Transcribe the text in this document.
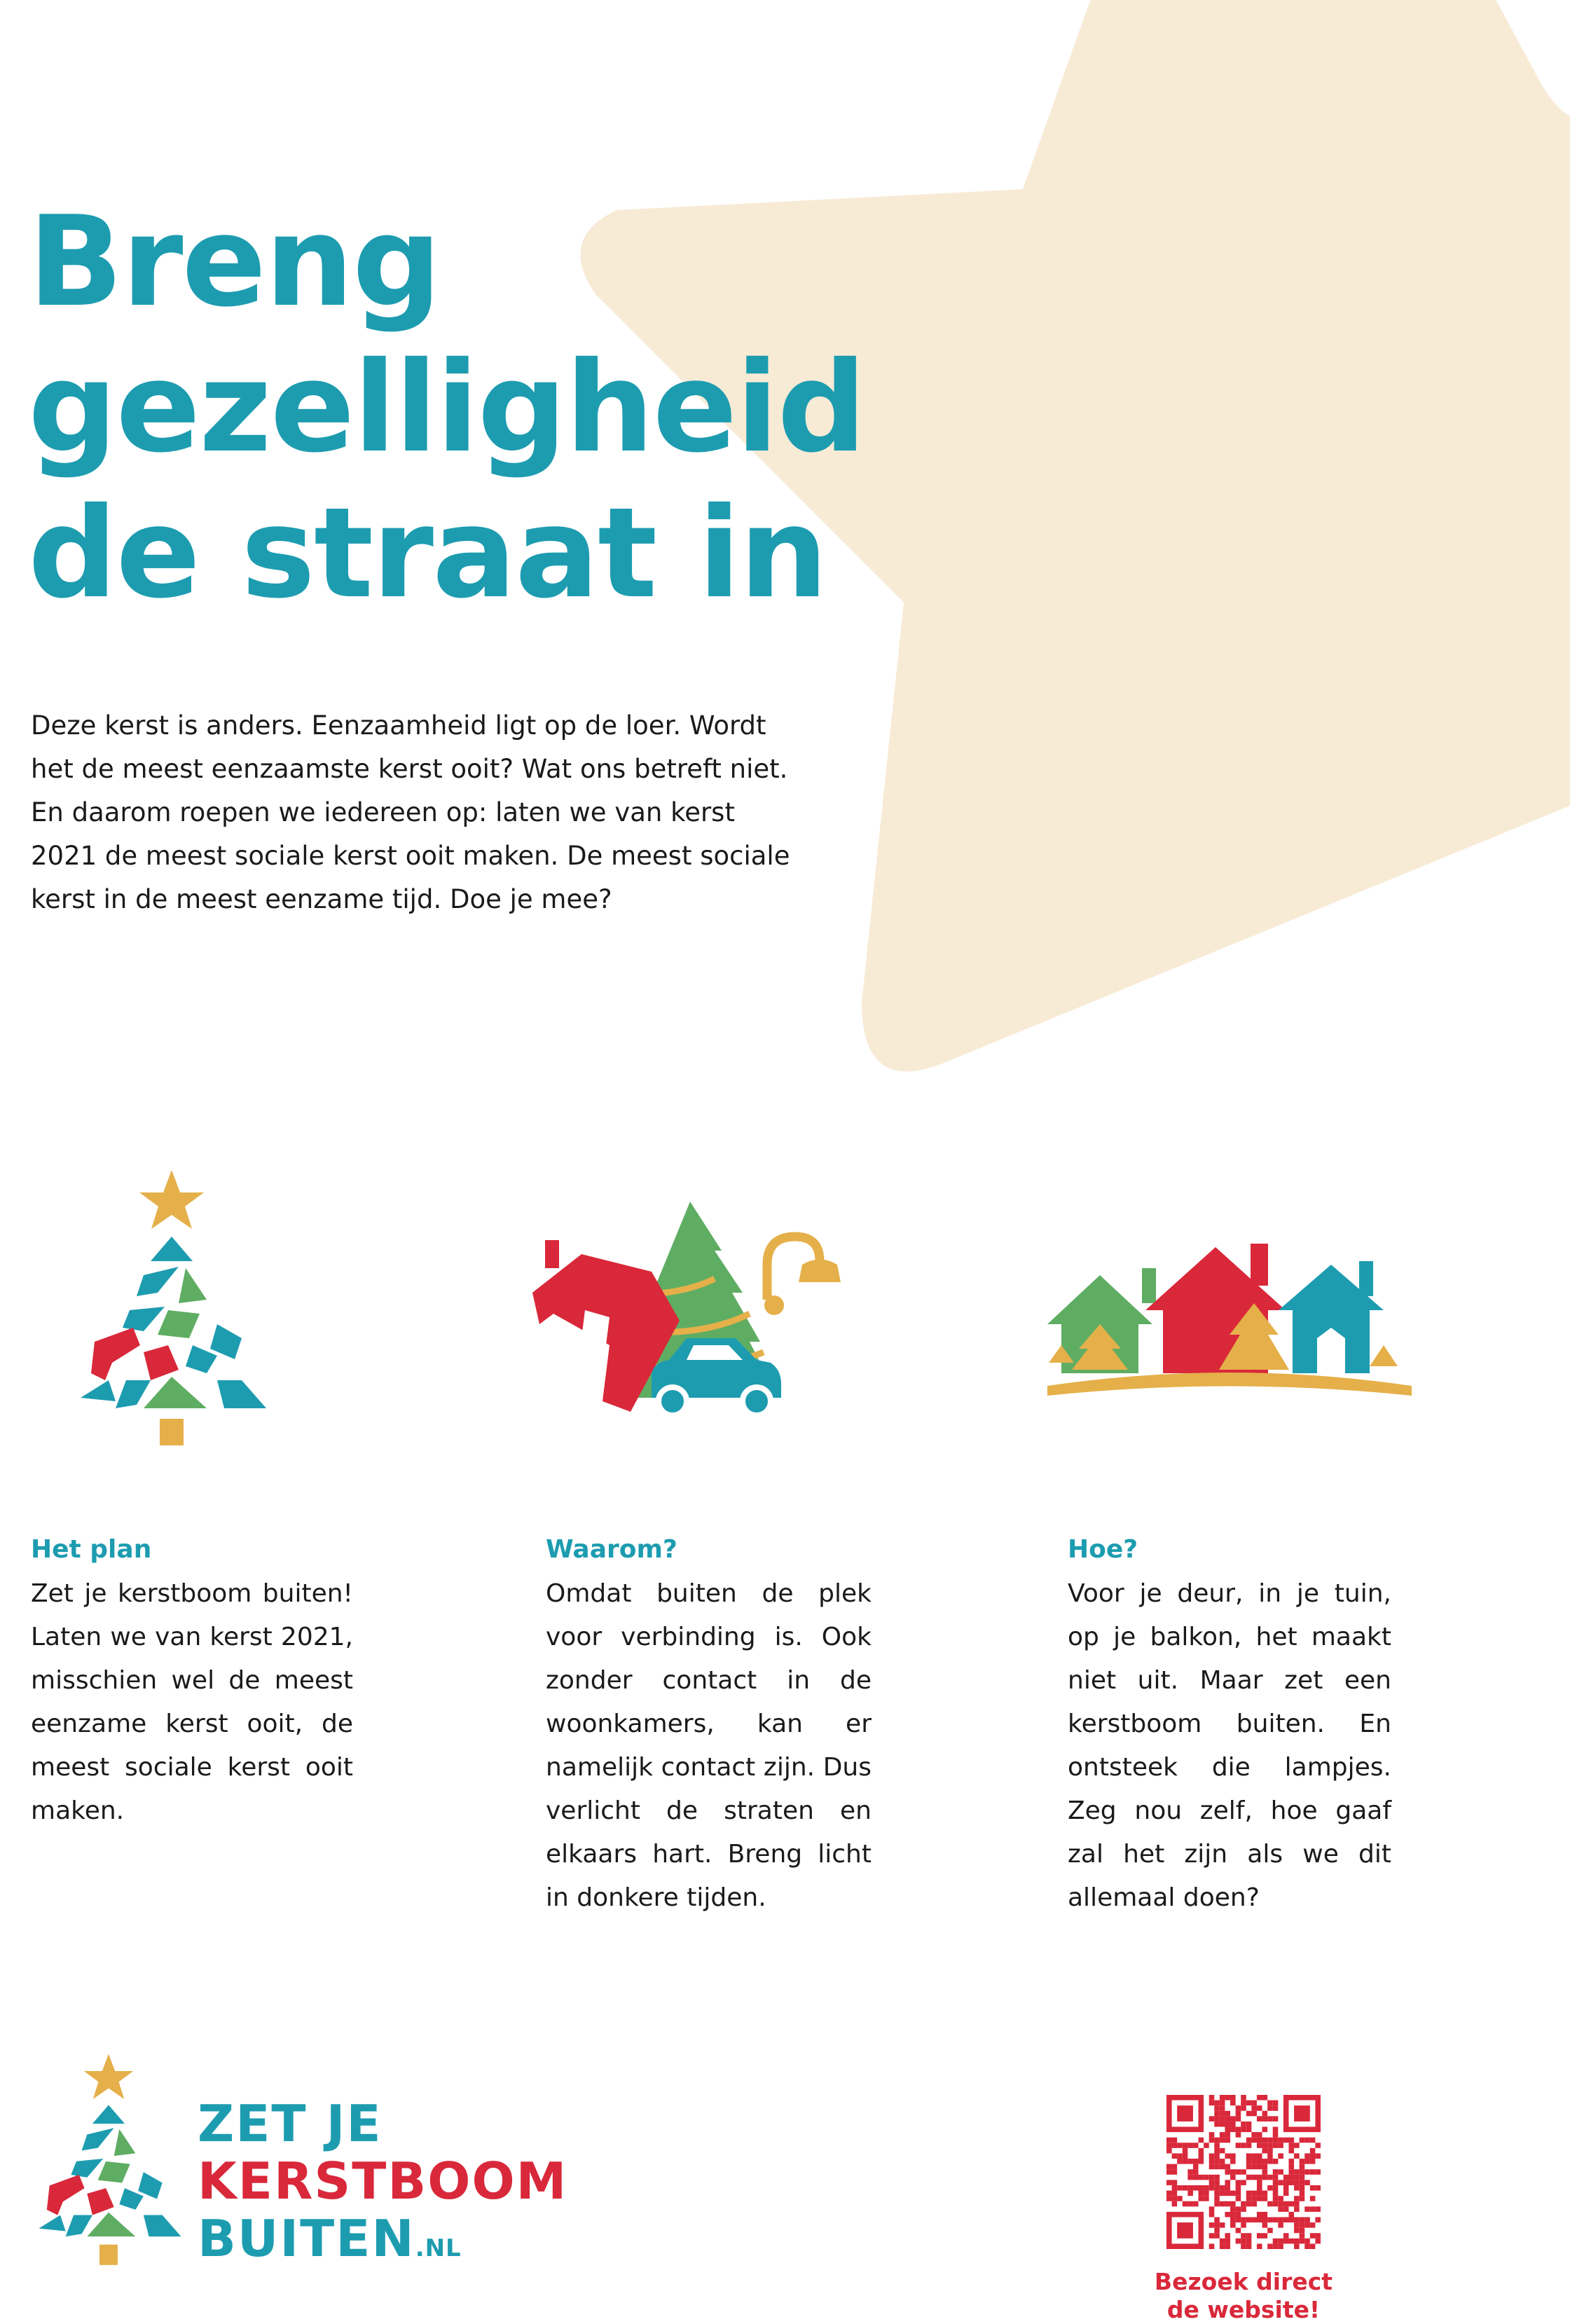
Breng
gezelligheid
de straat in

Deze kerst is anders. Eenzaamheid ligt op de loer. Wordt
het de meest eenzaamste kerst ooit? Wat ons betreft niet.
En daarom roepen we iedereen op: laten we van kerst
2021 de meest sociale kerst ooit maken. De meest sociale
kerst in de meest eenzame tijd. Doe je mee?

Het plan

Zet je kerstboom buiten! Laten we van kerst 2021, misschien wel de meest eenzame kerst ooit, de meest sociale kerst ooit maken.

Waarom?

Omdat buiten de plek voor verbinding is. Ook zonder contact in de woonkamers, kan er namelijk contact zijn. Dus verlicht de straten en elkaars hart. Breng licht in donkere tijden.

Hoe?

Voor je deur, in je tuin, op je balkon, het maakt niet uit. Maar zet een kerstboom buiten. En ontsteek die lampjes. Zeg nou zelf, hoe gaaf zal het zijn als we dit allemaal doen?

ZET JE
KERSTBOOM
BUITEN.NL
Bezoek direct
de website!
